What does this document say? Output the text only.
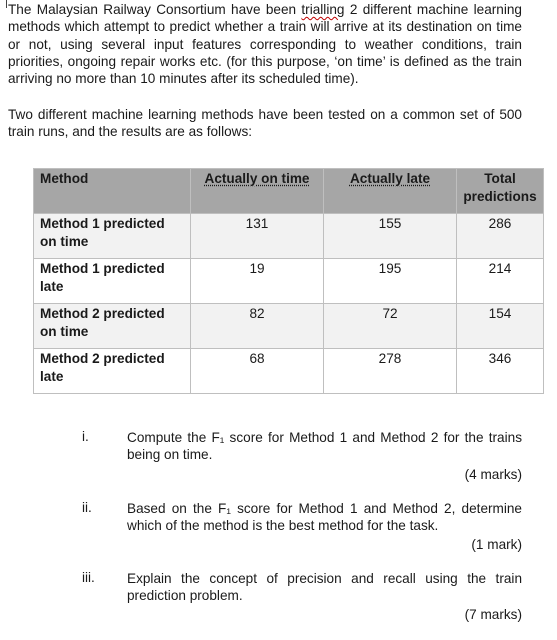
The Malaysian Railway Consortium have been trialling 2 different machine learning methods which attempt to predict whether a train will arrive at its destination on time or not, using several input features corresponding to weather conditions, train priorities, ongoing repair works etc. (for this purpose, ‘on time’ is defined as the train arriving no more than 10 minutes after its scheduled time).
Two different machine learning methods have been tested on a common set of 500 train runs, and the results are as follows:
Method	Actually on time	Actually late	Total predictions
Method 1 predicted on time	131	155	286
Method 1 predicted late	19	195	214
Method 2 predicted on time	82	72	154
Method 2 predicted late	68	278	346
i.	Compute the F₁ score for Method 1 and Method 2 for the trains being on time.
(4 marks)
ii.	Based on the F₁ score for Method 1 and Method 2, determine which of the method is the best method for the task.
(1 mark)
iii. Explain the concept of precision and recall using the train prediction problem.
(7 marks)
